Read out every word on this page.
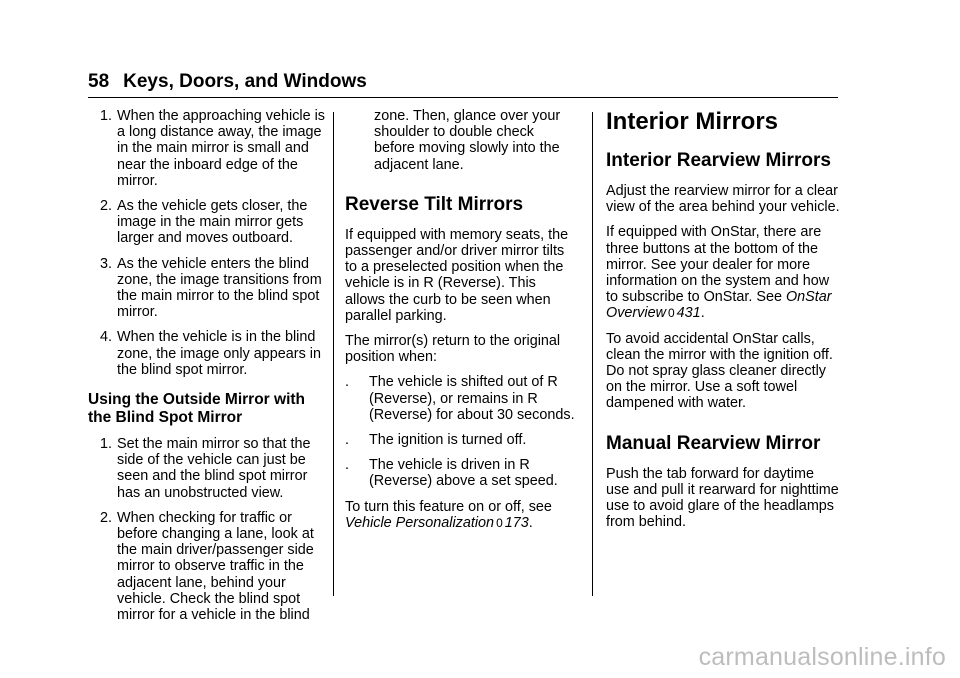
58 Keys, Doors, and Windows
1. When the approaching vehicle is a long distance away, the image in the main mirror is small and near the inboard edge of the mirror.
2. As the vehicle gets closer, the image in the main mirror gets larger and moves outboard.
3. As the vehicle enters the blind zone, the image transitions from the main mirror to the blind spot mirror.
4. When the vehicle is in the blind zone, the image only appears in the blind spot mirror.
Using the Outside Mirror with the Blind Spot Mirror
1. Set the main mirror so that the side of the vehicle can just be seen and the blind spot mirror has an unobstructed view.
2. When checking for traffic or before changing a lane, look at the main driver/passenger side mirror to observe traffic in the adjacent lane, behind your vehicle. Check the blind spot mirror for a vehicle in the blind
zone. Then, glance over your shoulder to double check before moving slowly into the adjacent lane.
Reverse Tilt Mirrors

If equipped with memory seats, the passenger and/or driver mirror tilts to a preselected position when the vehicle is in R (Reverse). This allows the curb to be seen when parallel parking.

The mirror(s) return to the original position when:

. The vehicle is shifted out of R (Reverse), or remains in R (Reverse) for about 30 seconds.
. The ignition is turned off.
. The vehicle is driven in R (Reverse) above a set speed.

To turn this feature on or off, see Vehicle Personalization 0 173.

Interior Mirrors
Interior Rearview Mirrors

Adjust the rearview mirror for a clear view of the area behind your vehicle.

If equipped with OnStar, there are three buttons at the bottom of the mirror. See your dealer for more information on the system and how to subscribe to OnStar. See OnStar Overview 0 431.

To avoid accidental OnStar calls, clean the mirror with the ignition off. Do not spray glass cleaner directly on the mirror. Use a soft towel dampened with water.

Manual Rearview Mirror

Push the tab forward for daytime use and pull it rearward for nighttime use to avoid glare of the headlamps from behind.

carmanualsonline.info
